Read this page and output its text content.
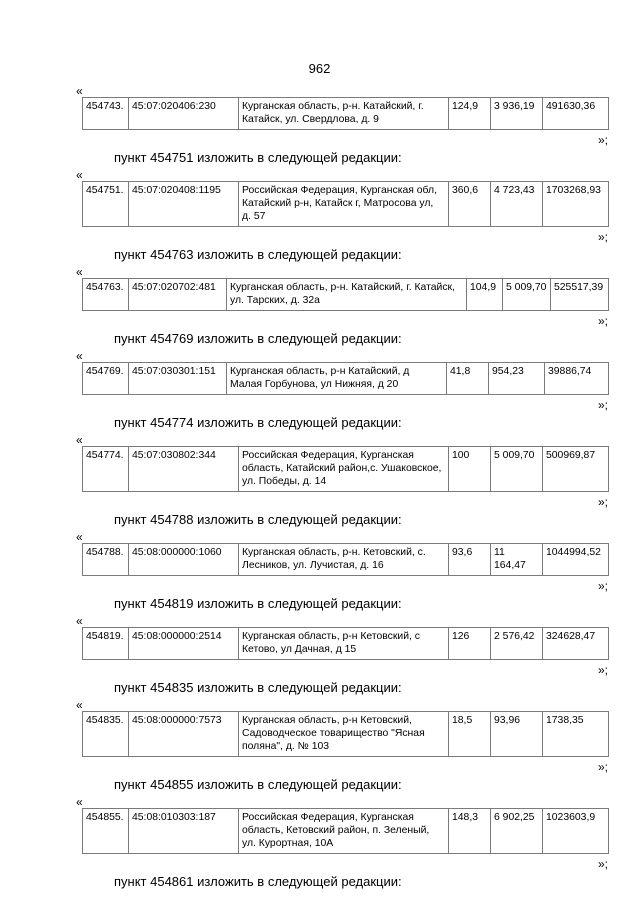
962
«
454743.	45:07:020406:230	Курганская область, р-н. Катайский, г. Катайск, ул. Свердлова, д. 9	124,9	3 936,19	491630,36
»;
пункт 454751 изложить в следующей редакции:
«
454751.	45:07:020408:1195	Российская Федерация, Курганская обл, Катайский р-н, Катайск г, Матросова ул, д. 57	360,6	4 723,43	1703268,93
»;
пункт 454763 изложить в следующей редакции:
«
454763.	45:07:020702:481	Курганская область, р-н. Катайский, г. Катайск, ул. Тарских, д. 32а	104,9	5 009,70	525517,39
»;
пункт 454769 изложить в следующей редакции:
«
454769.	45:07:030301:151	Курганская область, р-н Катайский, д Малая Горбунова, ул Нижняя, д 20	41,8	954,23	39886,74
»;
пункт 454774 изложить в следующей редакции:
«
454774.	45:07:030802:344	Российская Федерация, Курганская область, Катайский район,с. Ушаковское, ул. Победы, д. 14	100	5 009,70	500969,87
»;
пункт 454788 изложить в следующей редакции:
«
454788.	45:08:000000:1060	Курганская область, р-н. Кетовский, с. Лесников, ул. Лучистая, д. 16	93,6	11 164,47	1044994,52
»;
пункт 454819 изложить в следующей редакции:
«
454819.	45:08:000000:2514	Курганская область, р-н Кетовский, с Кетово, ул Дачная, д 15	126	2 576,42	324628,47
»;
пункт 454835 изложить в следующей редакции:
«
454835.	45:08:000000:7573	Курганская область, р-н Кетовский, Садоводческое товарищество "Ясная поляна", д. № 103	18,5	93,96	1738,35
»;
пункт 454855 изложить в следующей редакции:
«
454855.	45:08:010303:187	Российская Федерация, Курганская область, Кетовский район, п. Зеленый, ул. Курортная, 10А	148,3	6 902,25	1023603,9
»;
пункт 454861 изложить в следующей редакции:
